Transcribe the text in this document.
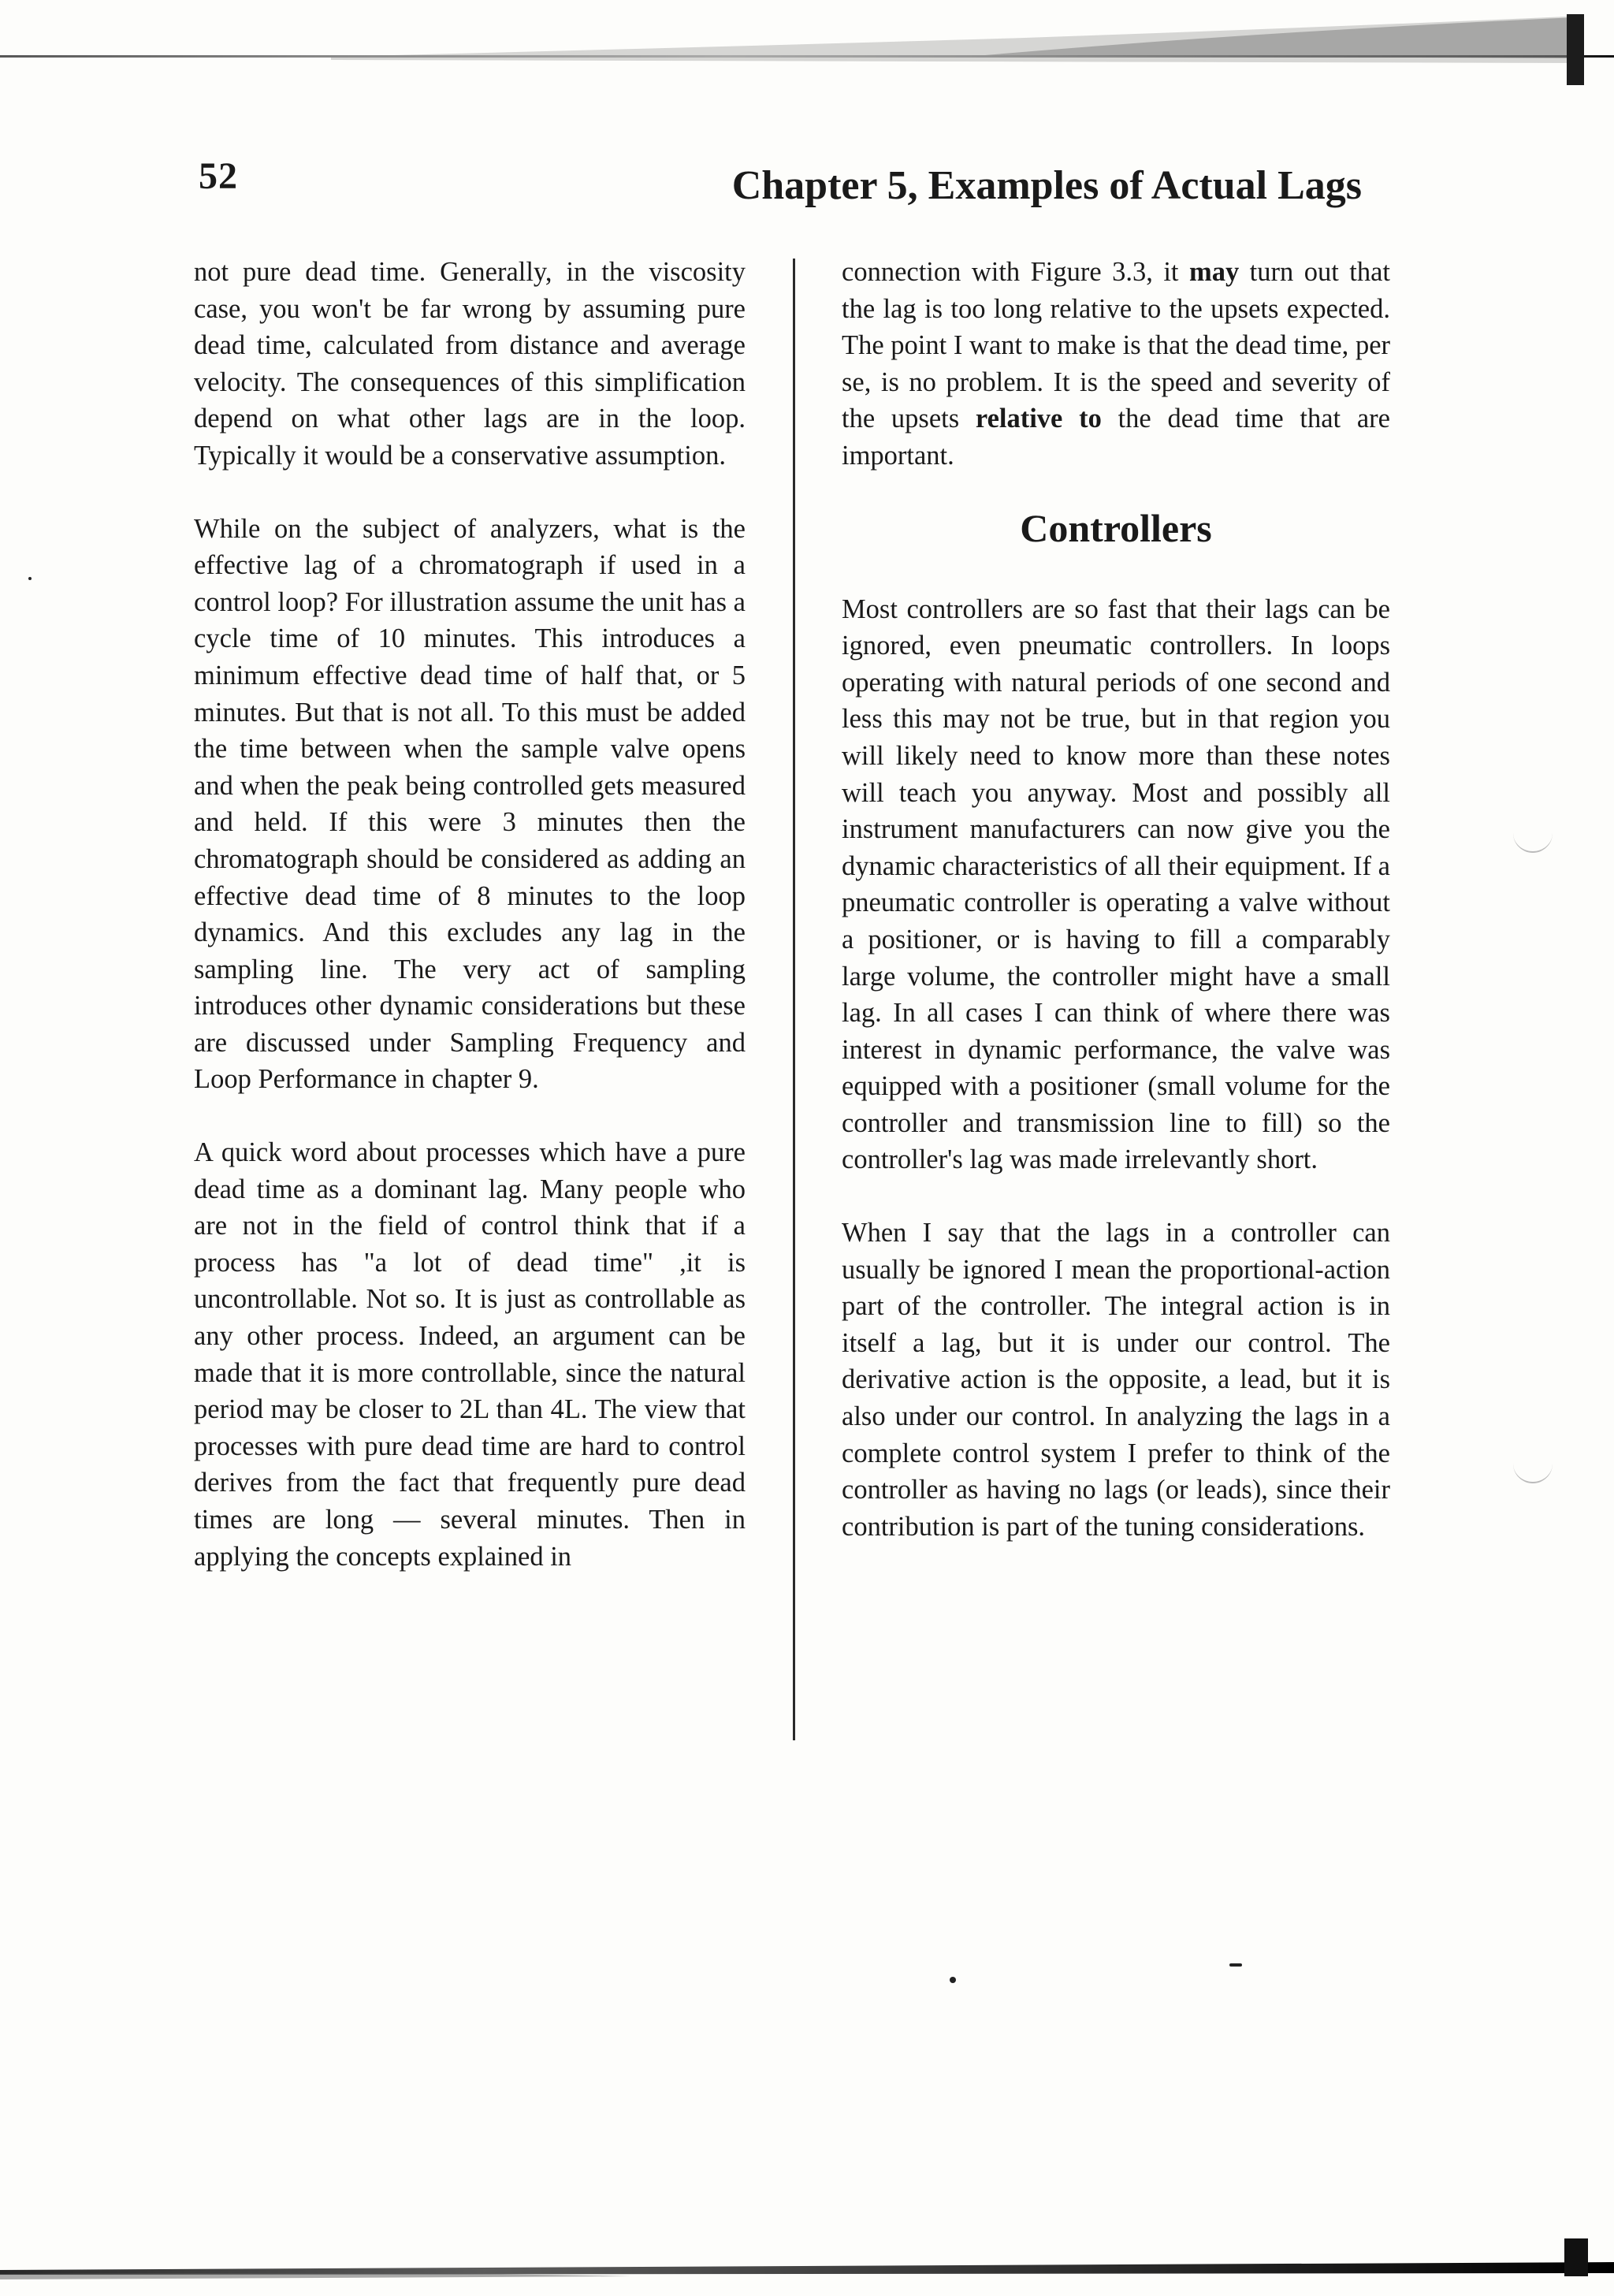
52	Chapter 5, Examples of Actual Lags

not pure dead time. Generally, in the viscosity case, you won't be far wrong by assuming pure dead time, calculated from distance and average velocity. The consequences of this simplification depend on what other lags are in the loop. Typically it would be a conservative assumption.

While on the subject of analyzers, what is the effective lag of a chromatograph if used in a control loop? For illustration assume the unit has a cycle time of 10 minutes. This introduces a minimum effective dead time of half that, or 5 minutes. But that is not all. To this must be added the time between when the sample valve opens and when the peak being controlled gets measured and held. If this were 3 minutes then the chromatograph should be considered as adding an effective dead time of 8 minutes to the loop dynamics. And this excludes any lag in the sampling line. The very act of sampling introduces other dynamic considerations but these are discussed under Sampling Frequency and Loop Performance in chapter 9.

A quick word about processes which have a pure dead time as a dominant lag. Many people who are not in the field of control think that if a process has "a lot of dead time" ,it is uncontrollable. Not so. It is just as controllable as any other process. Indeed, an argument can be made that it is more controllable, since the natural period may be closer to 2L than 4L. The view that processes with pure dead time are hard to control derives from the fact that frequently pure dead times are long — several minutes. Then in applying the concepts explained in

connection with Figure 3.3, it may turn out that the lag is too long relative to the upsets expected. The point I want to make is that the dead time, per se, is no problem. It is the speed and severity of the upsets relative to the dead time that are important.

Controllers

Most controllers are so fast that their lags can be ignored, even pneumatic controllers. In loops operating with natural periods of one second and less this may not be true, but in that region you will likely need to know more than these notes will teach you anyway. Most and possibly all instrument manufacturers can now give you the dynamic characteristics of all their equipment. If a pneumatic controller is operating a valve without a positioner, or is having to fill a comparably large volume, the controller might have a small lag. In all cases I can think of where there was interest in dynamic performance, the valve was equipped with a positioner (small volume for the controller and transmission line to fill) so the controller's lag was made irrelevantly short.

When I say that the lags in a controller can usually be ignored I mean the proportional-action part of the controller. The integral action is in itself a lag, but it is under our control. The derivative action is the opposite, a lead, but it is also under our control. In analyzing the lags in a complete control system I prefer to think of the controller as having no lags (or leads), since their contribution is part of the tuning considerations.
